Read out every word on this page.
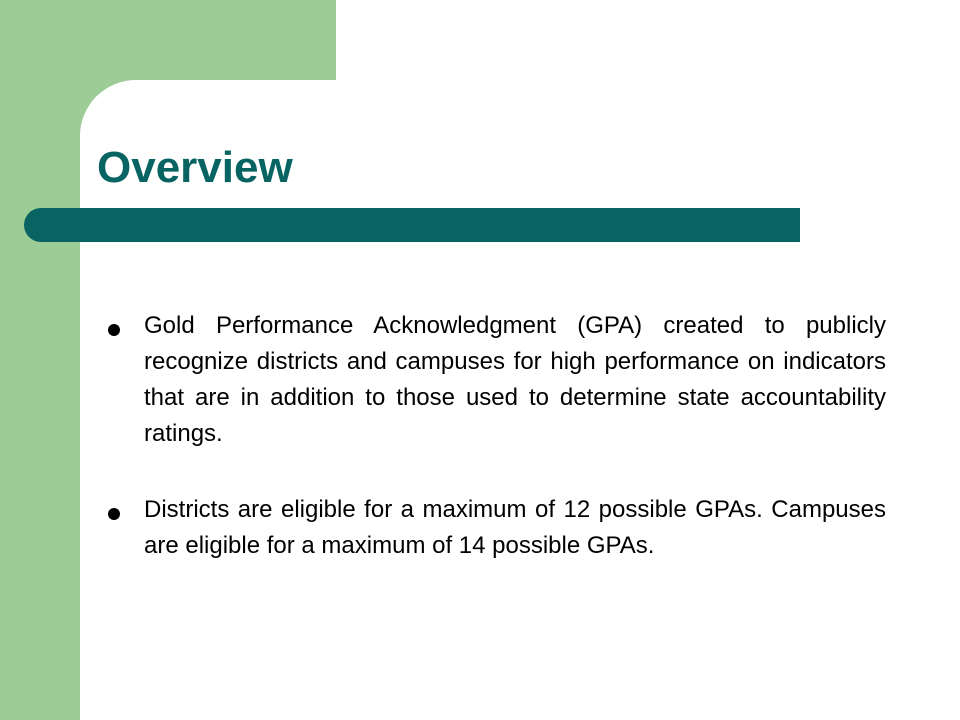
Overview
Gold Performance Acknowledgment (GPA) created to publicly recognize districts and campuses for high performance on indicators that are in addition to those used to determine state accountability ratings.
Districts are eligible for a maximum of 12 possible GPAs. Campuses are eligible for a maximum of 14 possible GPAs.
